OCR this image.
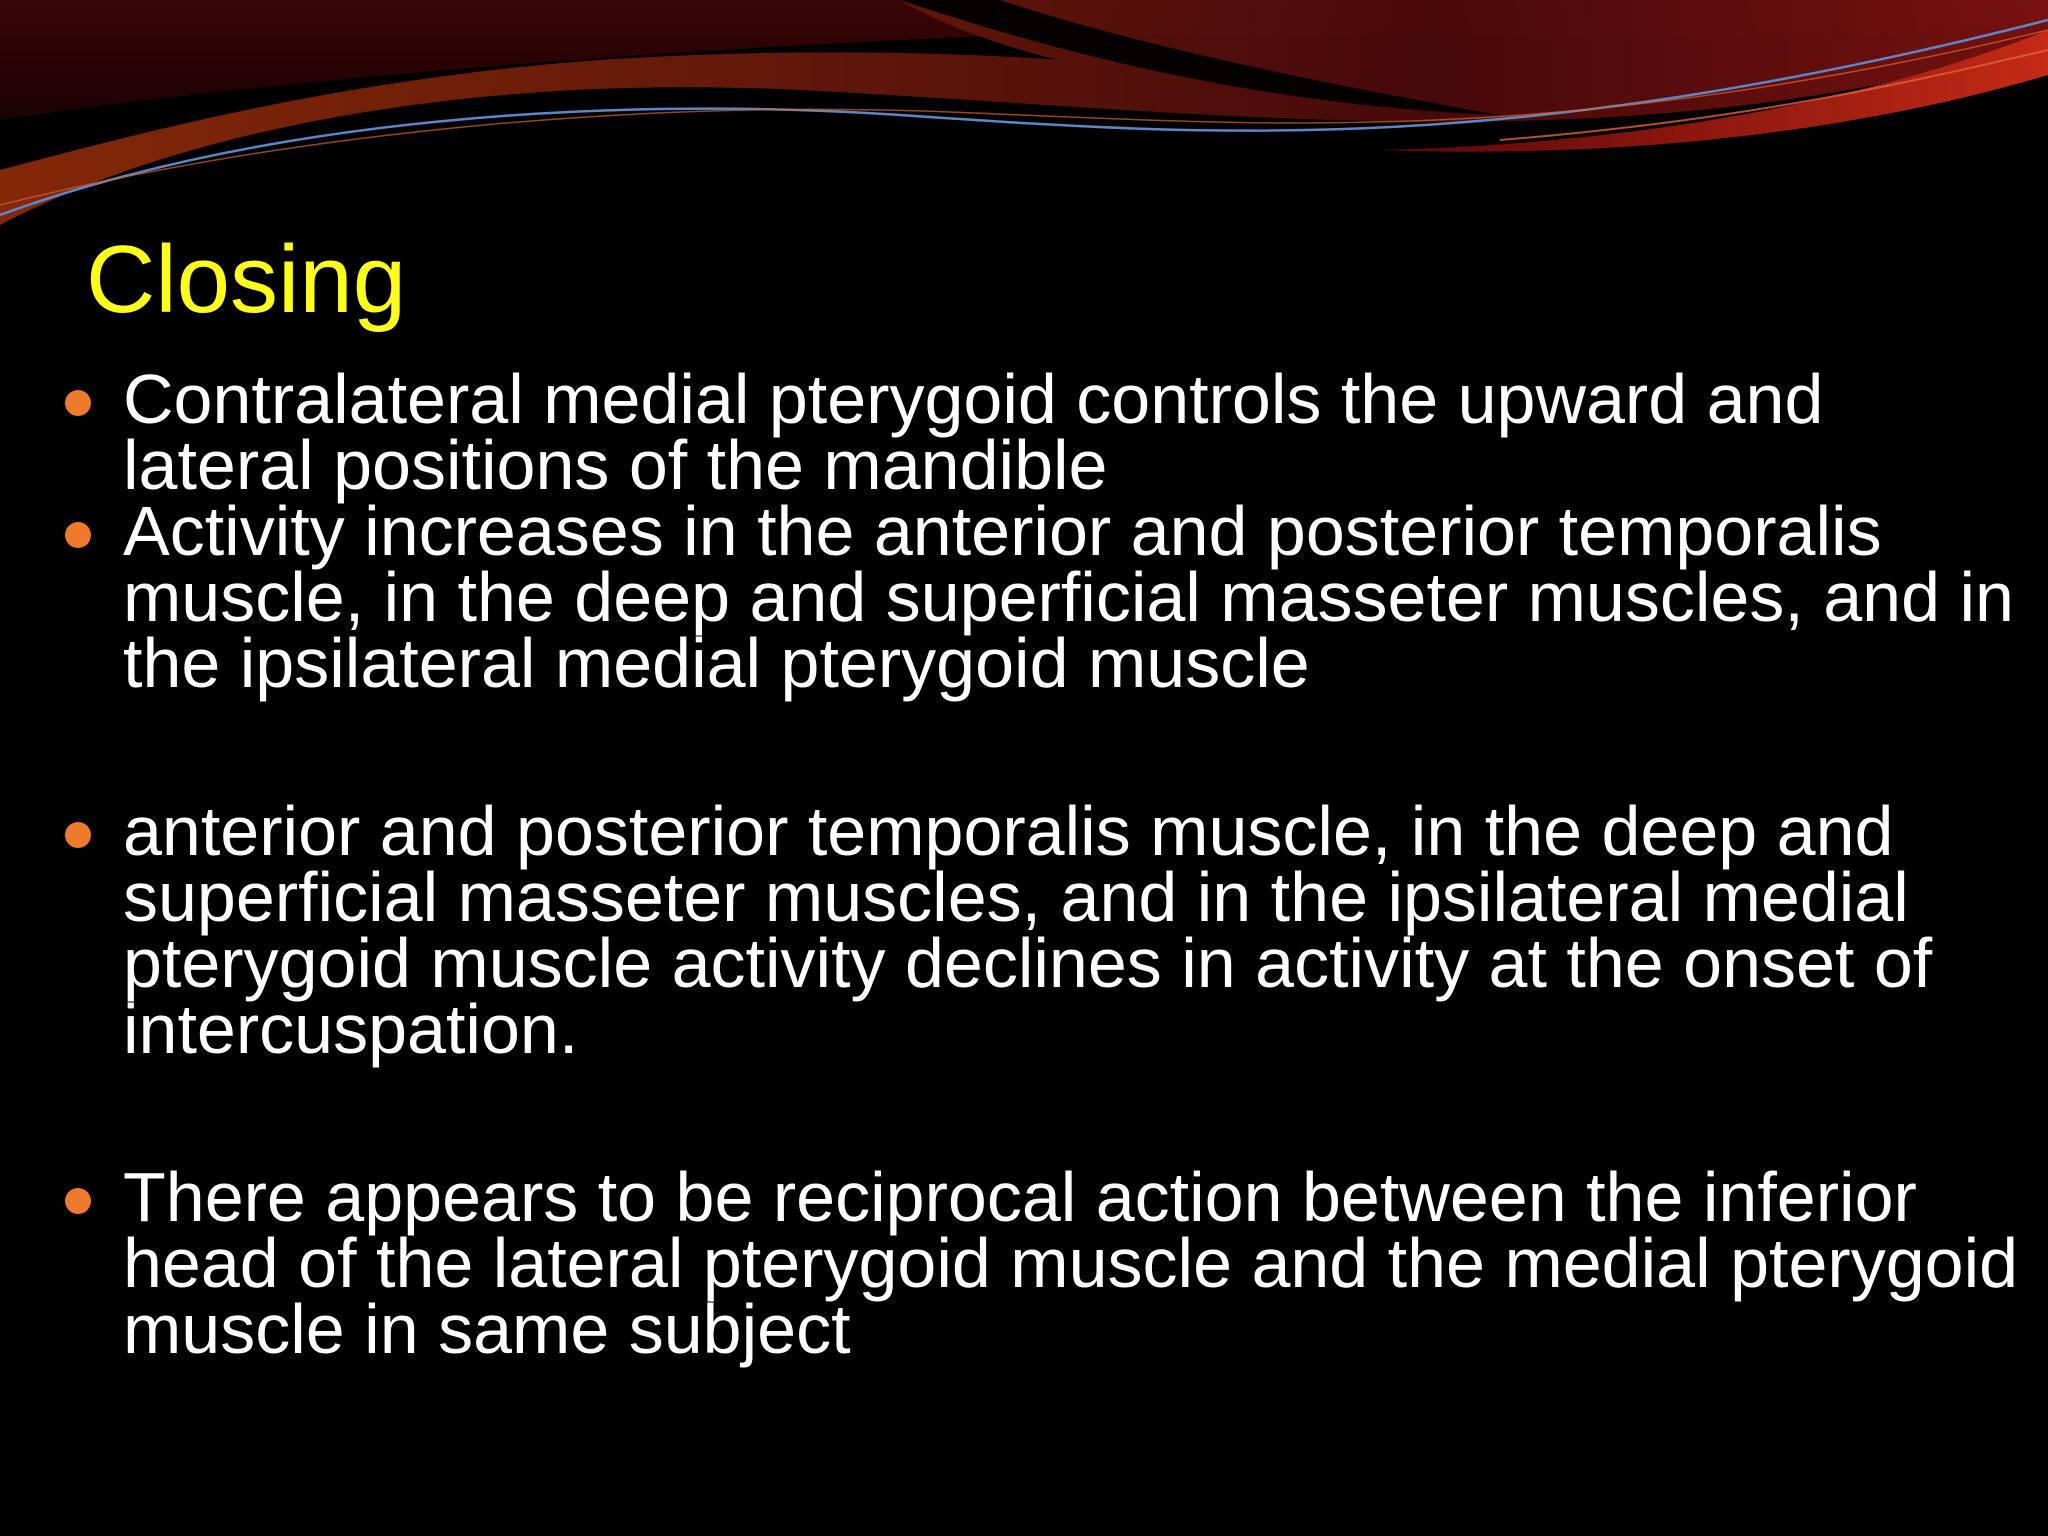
Closing
Contralateral medial pterygoid controls the upward and lateral positions of the mandible
Activity increases in the anterior and posterior temporalis muscle, in the deep and superficial masseter muscles, and in the ipsilateral medial pterygoid muscle
anterior and posterior temporalis muscle, in the deep and superficial masseter muscles, and in the ipsilateral medial pterygoid muscle activity declines in activity at the onset of intercuspation.
There appears to be reciprocal action between the inferior head of the lateral pterygoid muscle and the medial pterygoid muscle in same subject
